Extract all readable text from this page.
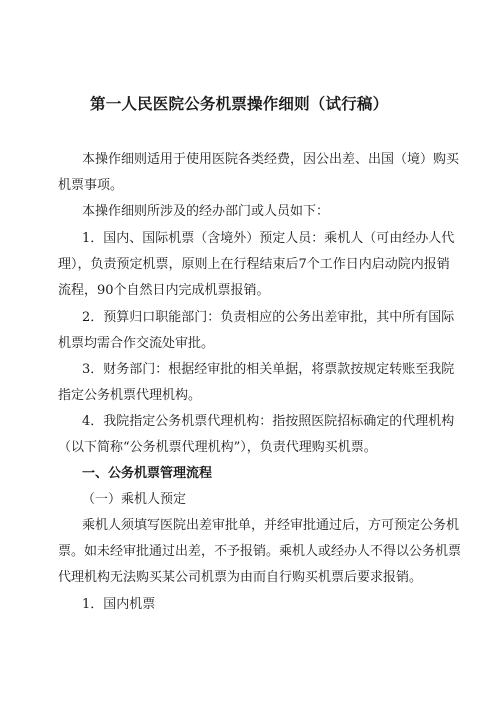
第一人民医院公务机票操作细则（试行稿）
本操作细则适用于使用医院各类经费，因公出差、出国（境）购买
机票事项。
本操作细则所涉及的经办部门或人员如下：
1．国内、国际机票（含境外）预定人员：乘机人（可由经办人代
理），负责预定机票，原则上在行程结束后7个工作日内启动院内报销
流程，90个自然日内完成机票报销。
2．预算归口职能部门：负责相应的公务出差审批，其中所有国际
机票均需合作交流处审批。
3．财务部门：根据经审批的相关单据，将票款按规定转账至我院
指定公务机票代理机构。
4．我院指定公务机票代理机构：指按照医院招标确定的代理机构
（以下简称“公务机票代理机构”），负责代理购买机票。
一、公务机票管理流程
（一）乘机人预定
乘机人须填写医院出差审批单，并经审批通过后，方可预定公务机
票。如未经审批通过出差，不予报销。乘机人或经办人不得以公务机票
代理机构无法购买某公司机票为由而自行购买机票后要求报销。
1．国内机票
